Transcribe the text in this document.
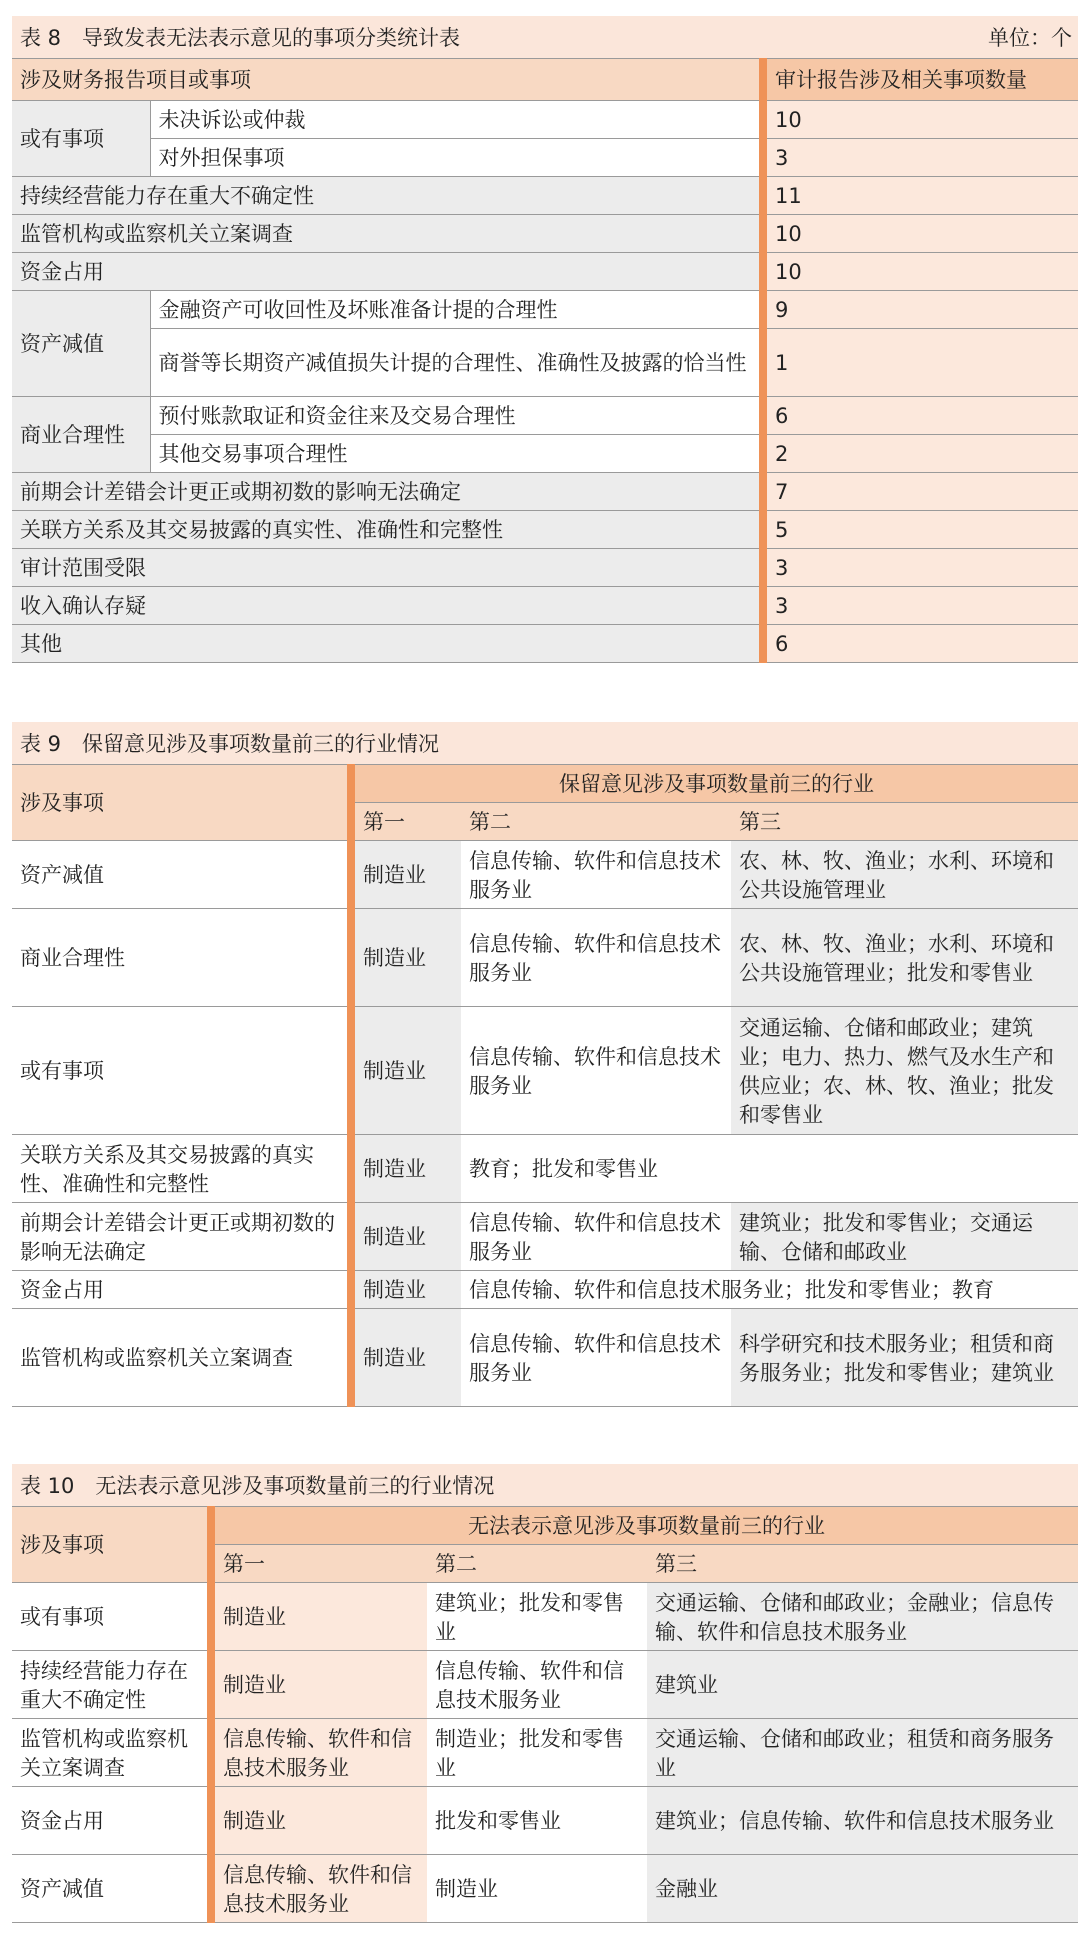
表 8　导致发表无法表示意见的事项分类统计表	单位：个
涉及财务报告项目或事项		审计报告涉及相关事项数量
或有事项	未决诉讼或仲裁	10
	对外担保事项	3
持续经营能力存在重大不确定性		11
监管机构或监察机关立案调查		10
资金占用		10
资产减值	金融资产可收回性及坏账准备计提的合理性	9
	商誉等长期资产减值损失计提的合理性、准确性及披露的恰当性	1
商业合理性	预付账款取证和资金往来及交易合理性	6
	其他交易事项合理性	2
前期会计差错会计更正或期初数的影响无法确定		7
关联方关系及其交易披露的真实性、准确性和完整性		5
审计范围受限		3
收入确认存疑		3
其他		6
表 9　保留意见涉及事项数量前三的行业情况
涉及事项	保留意见涉及事项数量前三的行业		
	第一	第二	第三
资产减值	制造业	信息传输、软件和信息技术服务业	农、林、牧、渔业；水利、环境和公共设施管理业
商业合理性	制造业	信息传输、软件和信息技术服务业	农、林、牧、渔业；水利、环境和公共设施管理业；批发和零售业
或有事项	制造业	信息传输、软件和信息技术服务业	交通运输、仓储和邮政业；建筑业；电力、热力、燃气及水生产和供应业；农、林、牧、渔业；批发和零售业
关联方关系及其交易披露的真实性、准确性和完整性	制造业	教育；批发和零售业	
前期会计差错会计更正或期初数的影响无法确定	制造业	信息传输、软件和信息技术服务业	建筑业；批发和零售业；交通运输、仓储和邮政业
资金占用	制造业	信息传输、软件和信息技术服务业；批发和零售业；教育	
监管机构或监察机关立案调查	制造业	信息传输、软件和信息技术服务业	科学研究和技术服务业；租赁和商务服务业；批发和零售业；建筑业
表 10　无法表示意见涉及事项数量前三的行业情况
涉及事项	无法表示意见涉及事项数量前三的行业		
	第一	第二	第三
或有事项	制造业	建筑业；批发和零售业	交通运输、仓储和邮政业；金融业；信息传输、软件和信息技术服务业
持续经营能力存在重大不确定性	制造业	信息传输、软件和信息技术服务业	建筑业
监管机构或监察机关立案调查	信息传输、软件和信息技术服务业	制造业；批发和零售业	交通运输、仓储和邮政业；租赁和商务服务业
资金占用	制造业	批发和零售业	建筑业；信息传输、软件和信息技术服务业
资产减值	信息传输、软件和信息技术服务业	制造业	金融业
